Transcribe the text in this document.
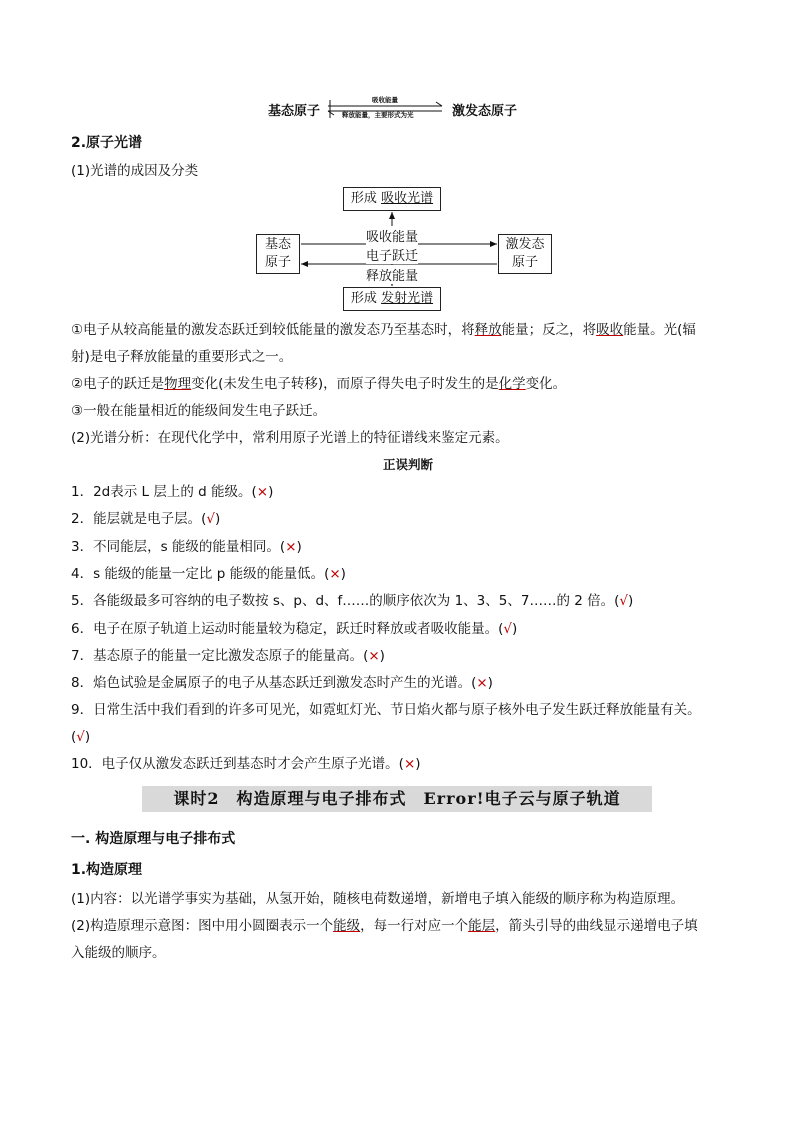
基态原子
吸收能量
释放能量，主要形式为光	激发态原子
2.原子光谱
(1)光谱的成因及分类
形成 吸收光谱
形成 发射光谱
基态
原子
激发态
原子
吸收能量
电子跃迁
释放能量
①电子从较高能量的激发态跃迁到较低能量的激发态乃至基态时，将释放能量；反之，将吸收能量。光(辐
射)是电子释放能量的重要形式之一。
②电子的跃迁是物理变化(未发生电子转移)，而原子得失电子时发生的是化学变化。
③一般在能量相近的能级间发生电子跃迁。
(2)光谱分析：在现代化学中，常利用原子光谱上的特征谱线来鉴定元素。
正误判断
1．2d表示 L 层上的 d 能级。(×)
2．能层就是电子层。(√)
3．不同能层，s 能级的能量相同。(×)
4．s 能级的能量一定比 p 能级的能量低。(×)
5．各能级最多可容纳的电子数按 s、p、d、f……的顺序依次为 1、3、5、7……的 2 倍。(√)
6．电子在原子轨道上运动时能量较为稳定，跃迁时释放或者吸收能量。(√)
7．基态原子的能量一定比激发态原子的能量高。(×)
8．焰色试验是金属原子的电子从基态跃迁到激发态时产生的光谱。(×)
9．日常生活中我们看到的许多可见光，如霓虹灯光、节日焰火都与原子核外电子发生跃迁释放能量有关。
(√)
10．电子仅从激发态跃迁到基态时才会产生原子光谱。(×)
课时2　构造原理与电子排布式　Error!电子云与原子轨道
一. 构造原理与电子排布式
1.构造原理
(1)内容：以光谱学事实为基础，从氢开始，随核电荷数递增，新增电子填入能级的顺序称为构造原理。
(2)构造原理示意图：图中用小圆圈表示一个能级，每一行对应一个能层，箭头引导的曲线显示递增电子填
入能级的顺序。
